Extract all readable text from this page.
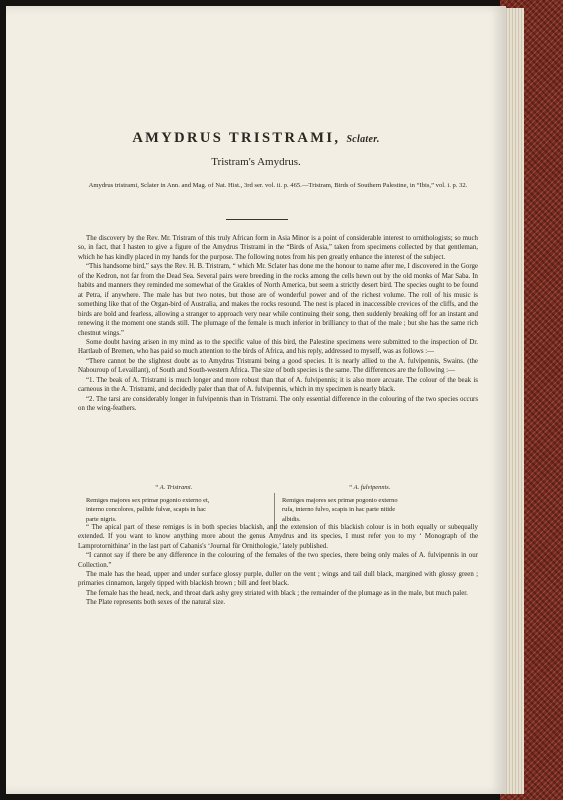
AMYDRUS TRISTRAMI, Sclater.
Tristram's Amydrus.
Amydrus tristrami, Sclater in Ann. and Mag. of Nat. Hist., 3rd ser. vol. ii. p. 465.—Tristram, Birds of Southern Palestine, in “Ibis,” vol. i. p. 32.

The discovery by the Rev. Mr. Tristram of this truly African form in Asia Minor is a point of considerable interest to ornithologists; so much so, in fact, that I hasten to give a figure of the Amydrus Tristrami in the “Birds of Asia,” taken from specimens collected by that gentleman, which he has kindly placed in my hands for the purpose. The following notes from his pen greatly enhance the interest of the subject.

“This handsome bird,” says the Rev. H. B. Tristram, “ which Mr. Sclater has done me the honour to name after me, I discovered in the Gorge of the Kedron, not far from the Dead Sea. Several pairs were breeding in the rocks among the cells hewn out by the old monks of Mar Saba. In habits and manners they reminded me somewhat of the Grakles of North America, but seem a strictly desert bird. The species ought to be found at Petra, if anywhere. The male has but two notes, but those are of wonderful power and of the richest volume. The roll of his music is something like that of the Organ-bird of Australia, and makes the rocks resound. The nest is placed in inaccessible crevices of the cliffs, and the birds are bold and fearless, allowing a stranger to approach very near while continuing their song, then suddenly breaking off for an instant and renewing it the moment one stands still. The plumage of the female is much inferior in brilliancy to that of the male ; but she has the same rich chestnut wings.”

Some doubt having arisen in my mind as to the specific value of this bird, the Palestine specimens were submitted to the inspection of Dr. Hartlaub of Bremen, who has paid so much attention to the birds of Africa, and his reply, addressed to myself, was as follows :—

“There cannot be the slightest doubt as to Amydrus Tristrami being a good species. It is nearly allied to the A. fulvipennis, Swains. (the Nabouroup of Levaillant), of South and South-western Africa. The size of both species is the same. The differences are the following :—

“1. The beak of A. Tristrami is much longer and more robust than that of A. fulvipennis; it is also more arcuate. The colour of the beak is carneous in the A. Tristrami, and decidedly paler than that of A. fulvipennis, which in my specimen is nearly black.

“2. The tarsi are considerably longer in fulvipennis than in Tristrami. The only essential difference in the colouring of the two species occurs on the wing-feathers.

“ A. Tristrami.
Remiges majores sex primæ pogonio externo et,
interno concolores, pallide fulvæ, scapis in hac
parte nigris.
“ A. fulvipennis.
Remiges majores sex primæ pogonio externo
rufa, interno fulvo, scapis in hac parte nitide
albidis.

“ The apical part of these remiges is in both species blackish, and the extension of this blackish colour is in both equally or subequally extended. If you want to know anything more about the genus Amydrus and its species, I must refer you to my ‘ Monograph of the Lamprotornithinæ’ in the last part of Cabanis's ‘Journal für Ornithologie,’ lately published.

“I cannot say if there be any difference in the colouring of the females of the two species, there being only males of A. fulvipennis in our Collection.”

The male has the head, upper and under surface glossy purple, duller on the vent ; wings and tail dull black, margined with glossy green ; primaries cinnamon, largely tipped with blackish brown ; bill and feet black.

The female has the head, neck, and throat dark ashy grey striated with black ; the remainder of the plumage as in the male, but much paler.

The Plate represents both sexes of the natural size.
